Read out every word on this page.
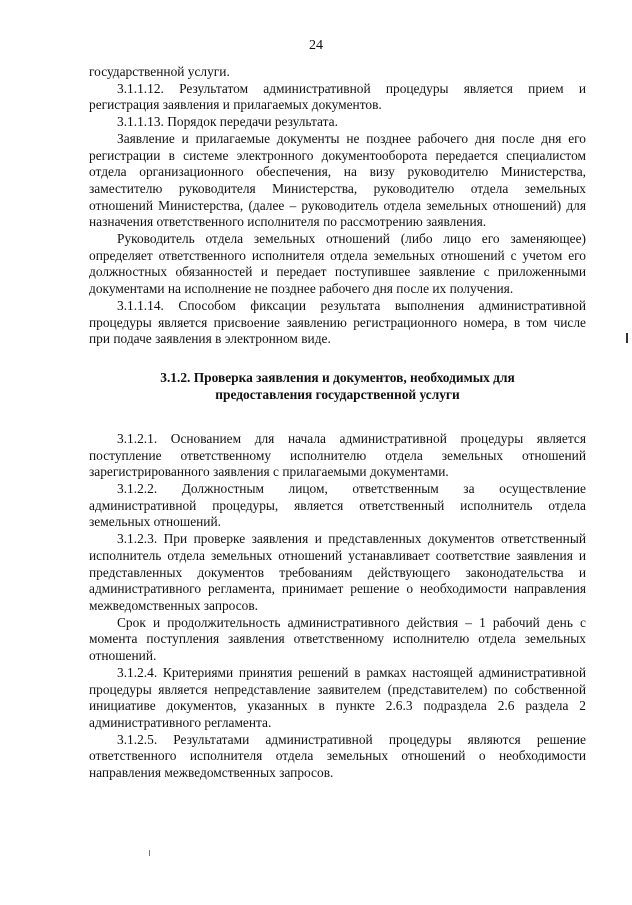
24

государственной услуги.

3.1.1.12. Результатом административной процедуры является прием и регистрация заявления и прилагаемых документов.

3.1.1.13. Порядок передачи результата.

Заявление и прилагаемые документы не позднее рабочего дня после дня его регистрации в системе электронного документооборота передается специалистом отдела организационного обеспечения, на визу руководителю Министерства, заместителю руководителя Министерства, руководителю отдела земельных отношений Министерства, (далее – руководитель отдела земельных отношений) для назначения ответственного исполнителя по рассмотрению заявления.

Руководитель отдела земельных отношений (либо лицо его заменяющее) определяет ответственного исполнителя отдела земельных отношений с учетом его должностных обязанностей и передает поступившее заявление с приложенными документами на исполнение не позднее рабочего дня после их получения.

3.1.1.14. Способом фиксации результата выполнения административной процедуры является присвоение заявлению регистрационного номера, в том числе при подаче заявления в электронном виде.

3.1.2. Проверка заявления и документов, необходимых для
предоставления государственной услуги

3.1.2.1. Основанием для начала административной процедуры является поступление ответственному исполнителю отдела земельных отношений зарегистрированного заявления с прилагаемыми документами.

3.1.2.2. Должностным лицом, ответственным за осуществление административной процедуры, является ответственный исполнитель отдела земельных отношений.

3.1.2.3. При проверке заявления и представленных документов ответственный исполнитель отдела земельных отношений устанавливает соответствие заявления и представленных документов требованиям действующего законодательства и административного регламента, принимает решение о необходимости направления межведомственных запросов.

Срок и продолжительность административного действия – 1 рабочий день с момента поступления заявления ответственному исполнителю отдела земельных отношений.

3.1.2.4. Критериями принятия решений в рамках настоящей административной процедуры является непредставление заявителем (представителем) по собственной инициативе документов, указанных в пункте 2.6.3 подраздела 2.6 раздела 2 административного регламента.

3.1.2.5. Результатами административной процедуры являются решение ответственного исполнителя отдела земельных отношений о необходимости направления межведомственных запросов.
